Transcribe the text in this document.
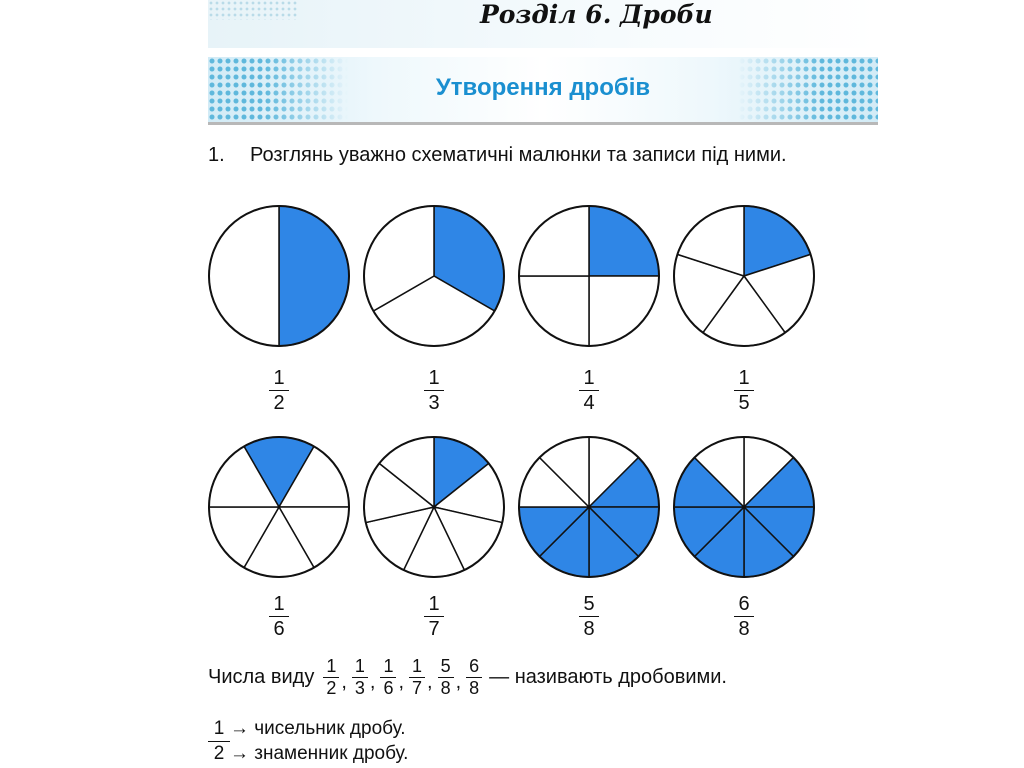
Розділ 6. Дроби
Утворення дробів
1. Розглянь уважно схематичні малюнки та записи під ними.
1
2
1
3
1
4
1
5
1
6
1
7
5
8
6
8
Числа виду 1
2 ,
1
3 ,
1
6 ,
1
7 ,
5
8 ,
6
8 — називають дробовими.
1 → чисельник дробу.
2 → знаменник дробу.
